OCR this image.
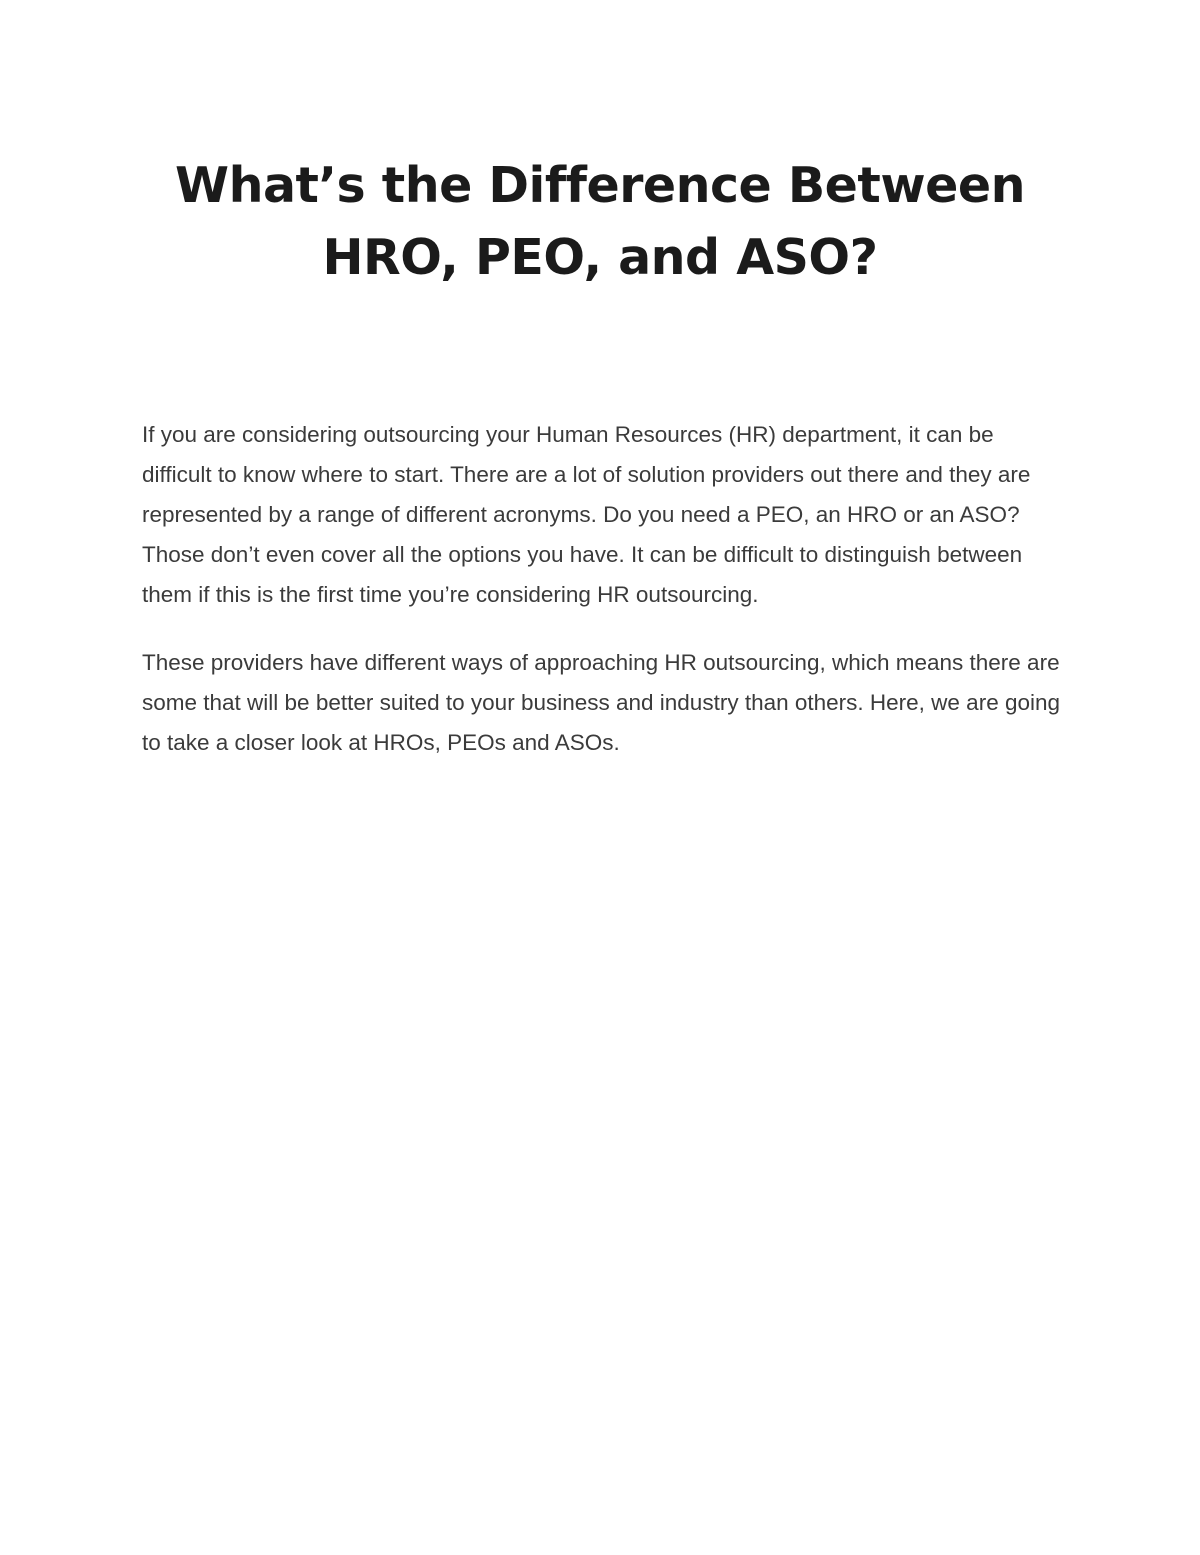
What’s the Difference Between HRO, PEO, and ASO?

If you are considering outsourcing your Human Resources (HR) department, it can be difficult to know where to start. There are a lot of solution providers out there and they are represented by a range of different acronyms. Do you need a PEO, an HRO or an ASO? Those don’t even cover all the options you have. It can be difficult to distinguish between them if this is the first time you’re considering HR outsourcing.

These providers have different ways of approaching HR outsourcing, which means there are some that will be better suited to your business and industry than others. Here, we are going to take a closer look at HROs, PEOs and ASOs.
